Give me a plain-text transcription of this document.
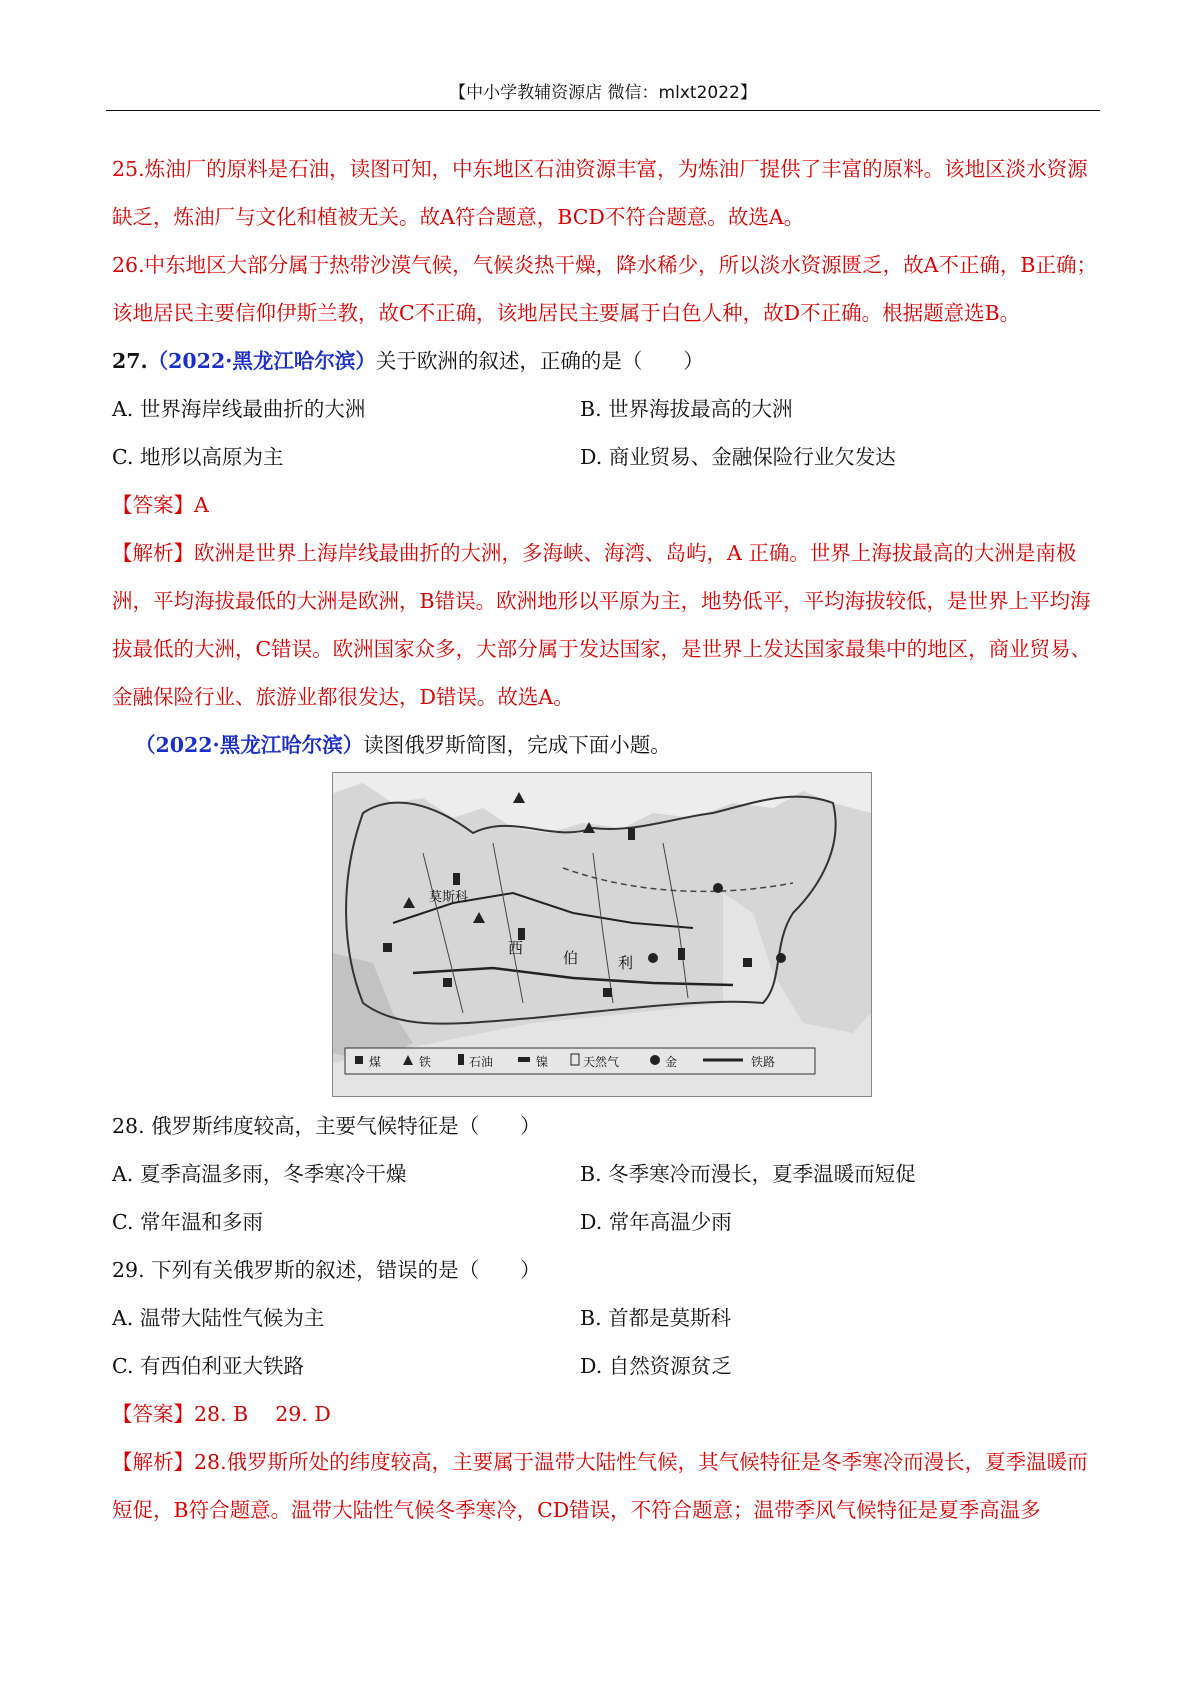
【中小学教辅资源店 微信：mlxt2022】

25.炼油厂的原料是石油，读图可知，中东地区石油资源丰富，为炼油厂提供了丰富的原料。该地区淡水资源缺乏，炼油厂与文化和植被无关。故A符合题意，BCD不符合题意。故选A。

26.中东地区大部分属于热带沙漠气候，气候炎热干燥，降水稀少，所以淡水资源匮乏，故A不正确，B正确；该地居民主要信仰伊斯兰教，故C不正确，该地居民主要属于白色人种，故D不正确。根据题意选B。

27.（2022·黑龙江哈尔滨）关于欧洲的叙述，正确的是（　　）

A. 世界海岸线最曲折的大洲	B. 世界海拔最高的大洲

C. 地形以高原为主	D. 商业贸易、金融保险行业欠发达

【答案】A

【解析】欧洲是世界上海岸线最曲折的大洲，多海峡、海湾、岛屿，A 正确。世界上海拔最高的大洲是南极洲，平均海拔最低的大洲是欧洲，B错误。欧洲地形以平原为主，地势低平，平均海拔较低，是世界上平均海拔最低的大洲，C错误。欧洲国家众多，大部分属于发达国家，是世界上发达国家最集中的地区，商业贸易、金融保险行业、旅游业都很发达，D错误。故选A。

（2022·黑龙江哈尔滨）读图俄罗斯简图，完成下面小题。

莫斯科
西
伯	利
煤	铁	石油	镍	天然气	金	铁路

28. 俄罗斯纬度较高，主要气候特征是（　　）

A. 夏季高温多雨，冬季寒冷干燥	B. 冬季寒冷而漫长，夏季温暖而短促

C. 常年温和多雨	D. 常年高温少雨

29. 下列有关俄罗斯的叙述，错误的是（　　）

A. 温带大陆性气候为主	B. 首都是莫斯科

C. 有西伯利亚大铁路	D. 自然资源贫乏

【答案】28. B　 29. D

【解析】28.俄罗斯所处的纬度较高，主要属于温带大陆性气候，其气候特征是冬季寒冷而漫长，夏季温暖而短促，B符合题意。温带大陆性气候冬季寒冷，CD错误，不符合题意；温带季风气候特征是夏季高温多
